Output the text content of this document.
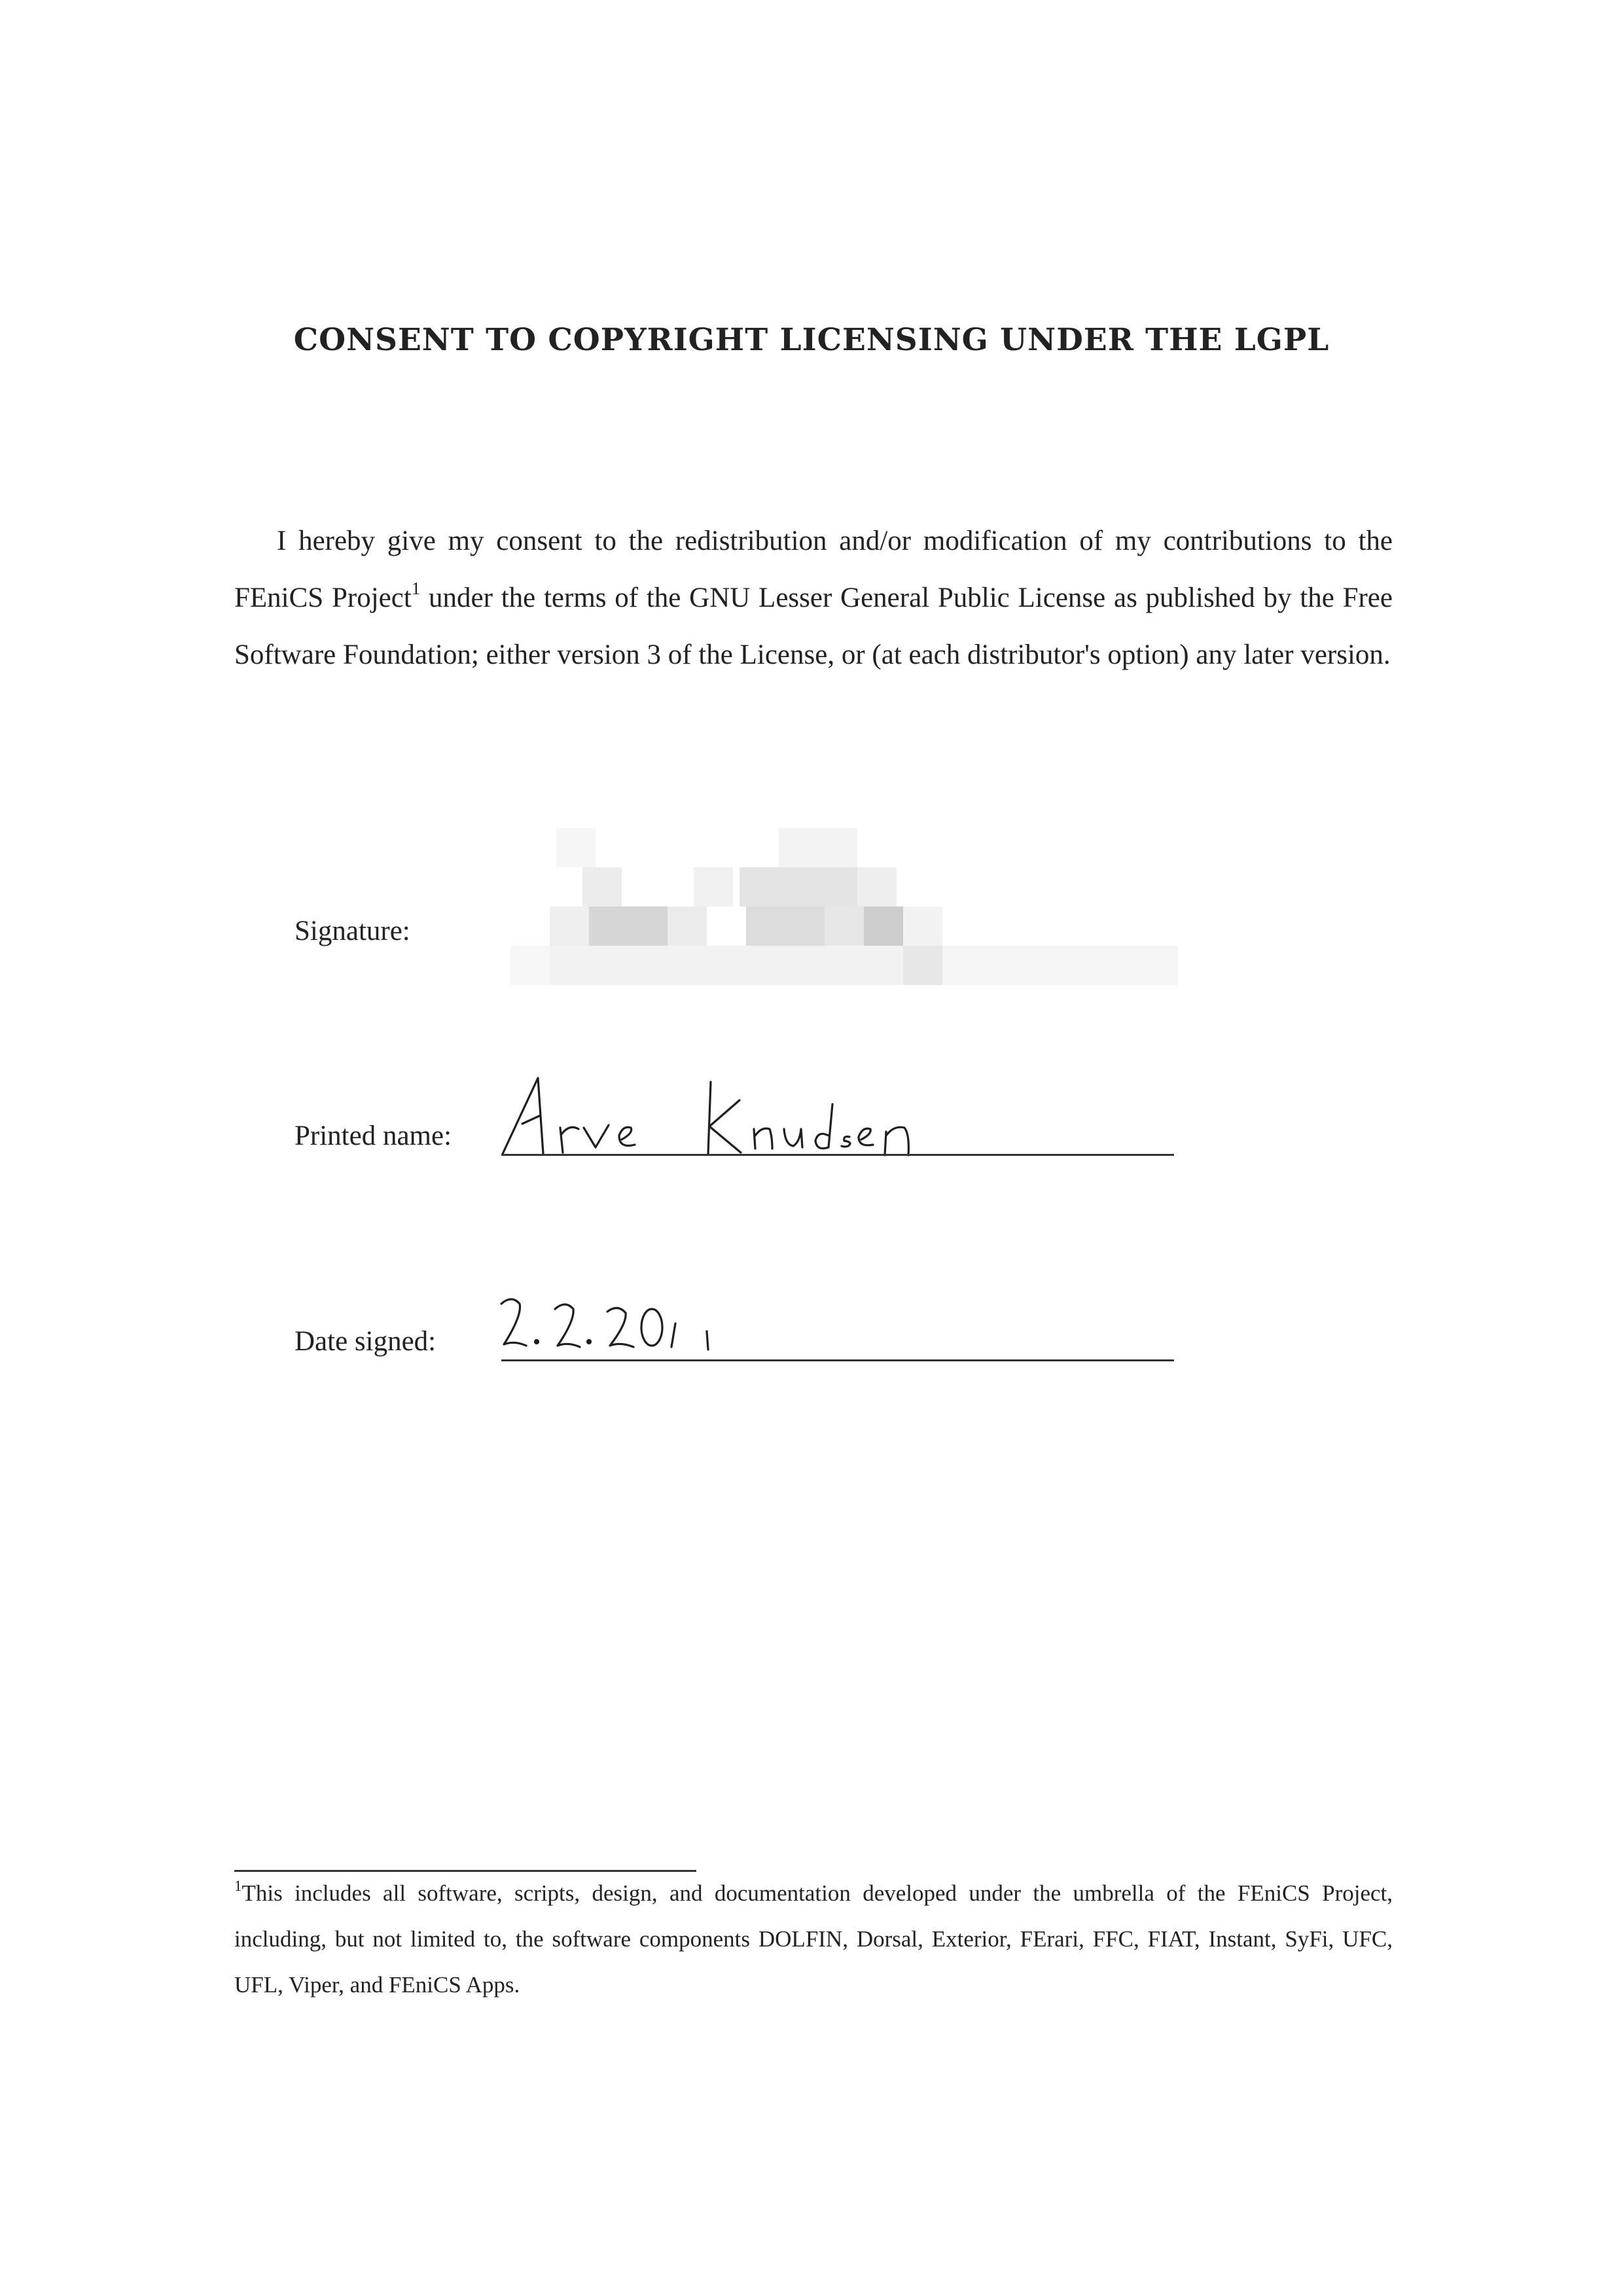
CONSENT TO COPYRIGHT LICENSING UNDER THE LGPL

I hereby give my consent to the redistribution and/or modification of my contributions to the FEniCS Project$^1$ under the terms of the GNU Lesser General Public License as published by the Free Software Foundation; either version 3 of the License, or (at each distributor's option) any later version.

Signature:
Printed name:
Date signed:

$^1$This includes all software, scripts, design, and documentation developed under the umbrella of the FEniCS Project, including, but not limited to, the software components DOLFIN, Dorsal, Exterior, FErari, FFC, FIAT, Instant, SyFi, UFC, UFL, Viper, and FEniCS Apps.
